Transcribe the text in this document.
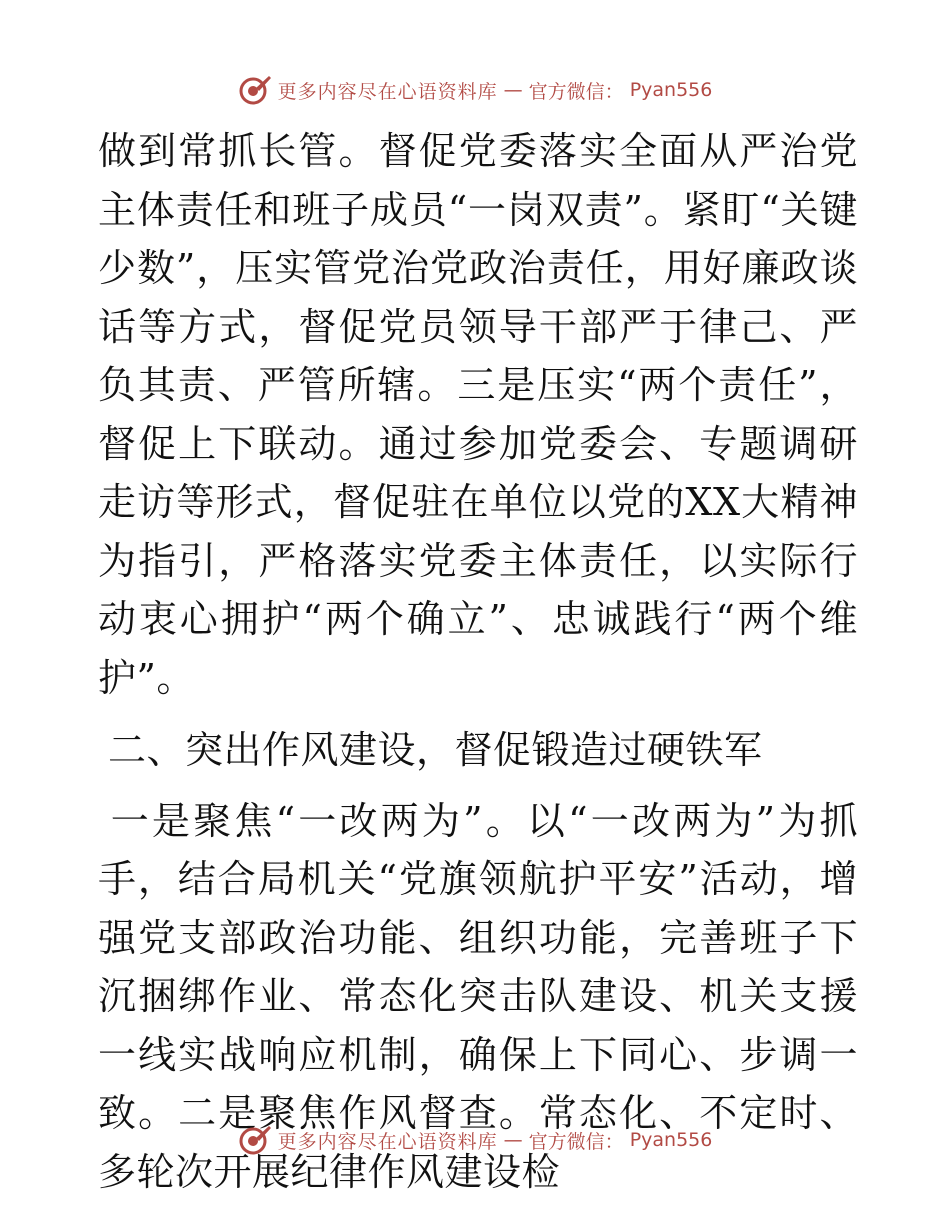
更多内容尽在心语资料库 — 官方微信： Pyan556

做到常抓长管。督促党委落实全面从严治党主体责任和班子成员“一岗双责”。紧盯“关键少数”，压实管党治党政治责任，用好廉政谈话等方式，督促党员领导干部严于律己、严负其责、严管所辖。三是压实“两个责任”，督促上下联动。通过参加党委会、专题调研走访等形式，督促驻在单位以党的XX大精神为指引，严格落实党委主体责任，以实际行动衷心拥护“两个确立”、忠诚践行“两个维护”。

二、突出作风建设，督促锻造过硬铁军

一是聚焦“一改两为”。以“一改两为”为抓手，结合局机关“党旗领航护平安”活动，增强党支部政治功能、组织功能，完善班子下沉捆绑作业、常态化突击队建设、机关支援一线实战响应机制，确保上下同心、步调一致。二是聚焦作风督查。常态化、不定时、多轮次开展纪律作风建设检

更多内容尽在心语资料库 — 官方微信： Pyan556
